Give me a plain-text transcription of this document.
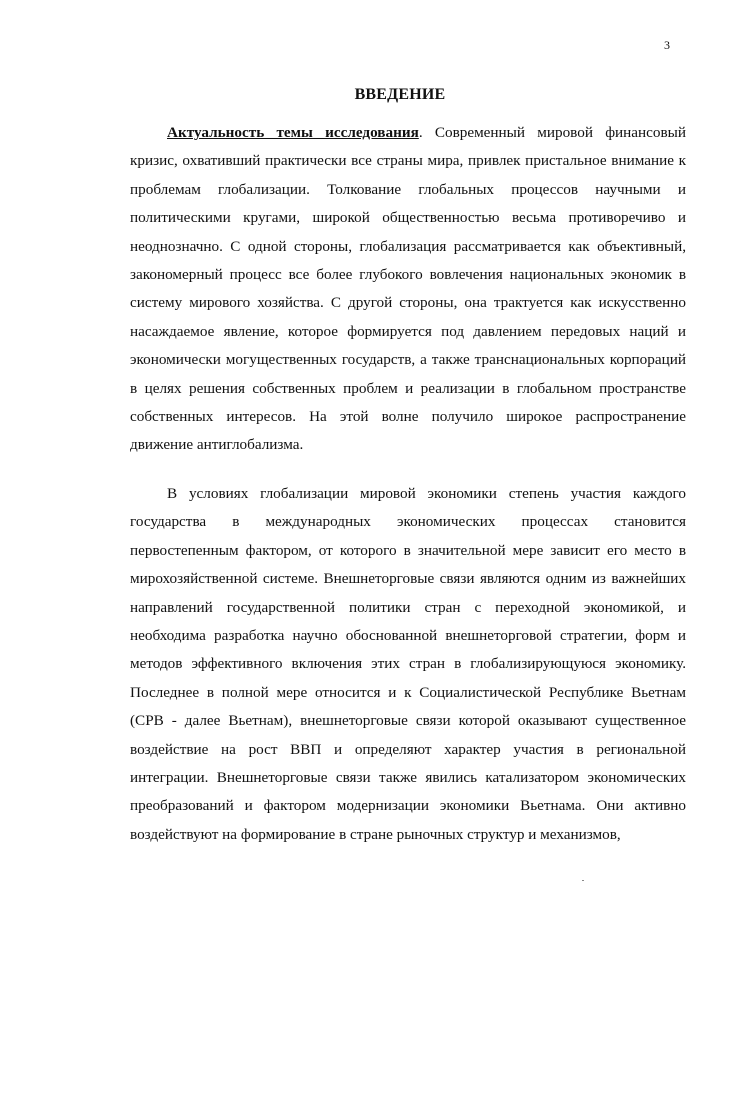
3
ВВЕДЕНИЕ

Актуальность темы исследования. Современный мировой финансовый кризис, охвативший практически все страны мира, привлек пристальное внимание к проблемам глобализации. Толкование глобальных процессов научными и политическими кругами, широкой общественностью весьма противоречиво и неоднозначно. С одной стороны, глобализация рассматривается как объективный, закономерный процесс все более глубокого вовлечения национальных экономик в систему мирового хозяйства. С другой стороны, она трактуется как искусственно насаждаемое явление, которое формируется под давлением передовых наций и экономически могущественных государств, а также транснациональных корпораций в целях решения собственных проблем и реализации в глобальном пространстве собственных интересов. На этой волне получило широкое распространение движение антиглобализма.

В условиях глобализации мировой экономики степень участия каждого государства в международных экономических процессах становится первостепенным фактором, от которого в значительной мере зависит его место в мирохозяйственной системе. Внешнеторговые связи являются одним из важнейших направлений государственной политики стран с переходной экономикой, и необходима разработка научно обоснованной внешнеторговой стратегии, форм и методов эффективного включения этих стран в глобализирующуюся экономику. Последнее в полной мере относится и к Социалистической Республике Вьетнам (СРВ - далее Вьетнам), внешнеторговые связи которой оказывают существенное воздействие на рост ВВП и определяют характер участия в региональной интеграции. Внешнеторговые связи также явились катализатором экономических преобразований и фактором модернизации экономики Вьетнама. Они активно воздействуют на формирование в стране рыночных структур и механизмов,
